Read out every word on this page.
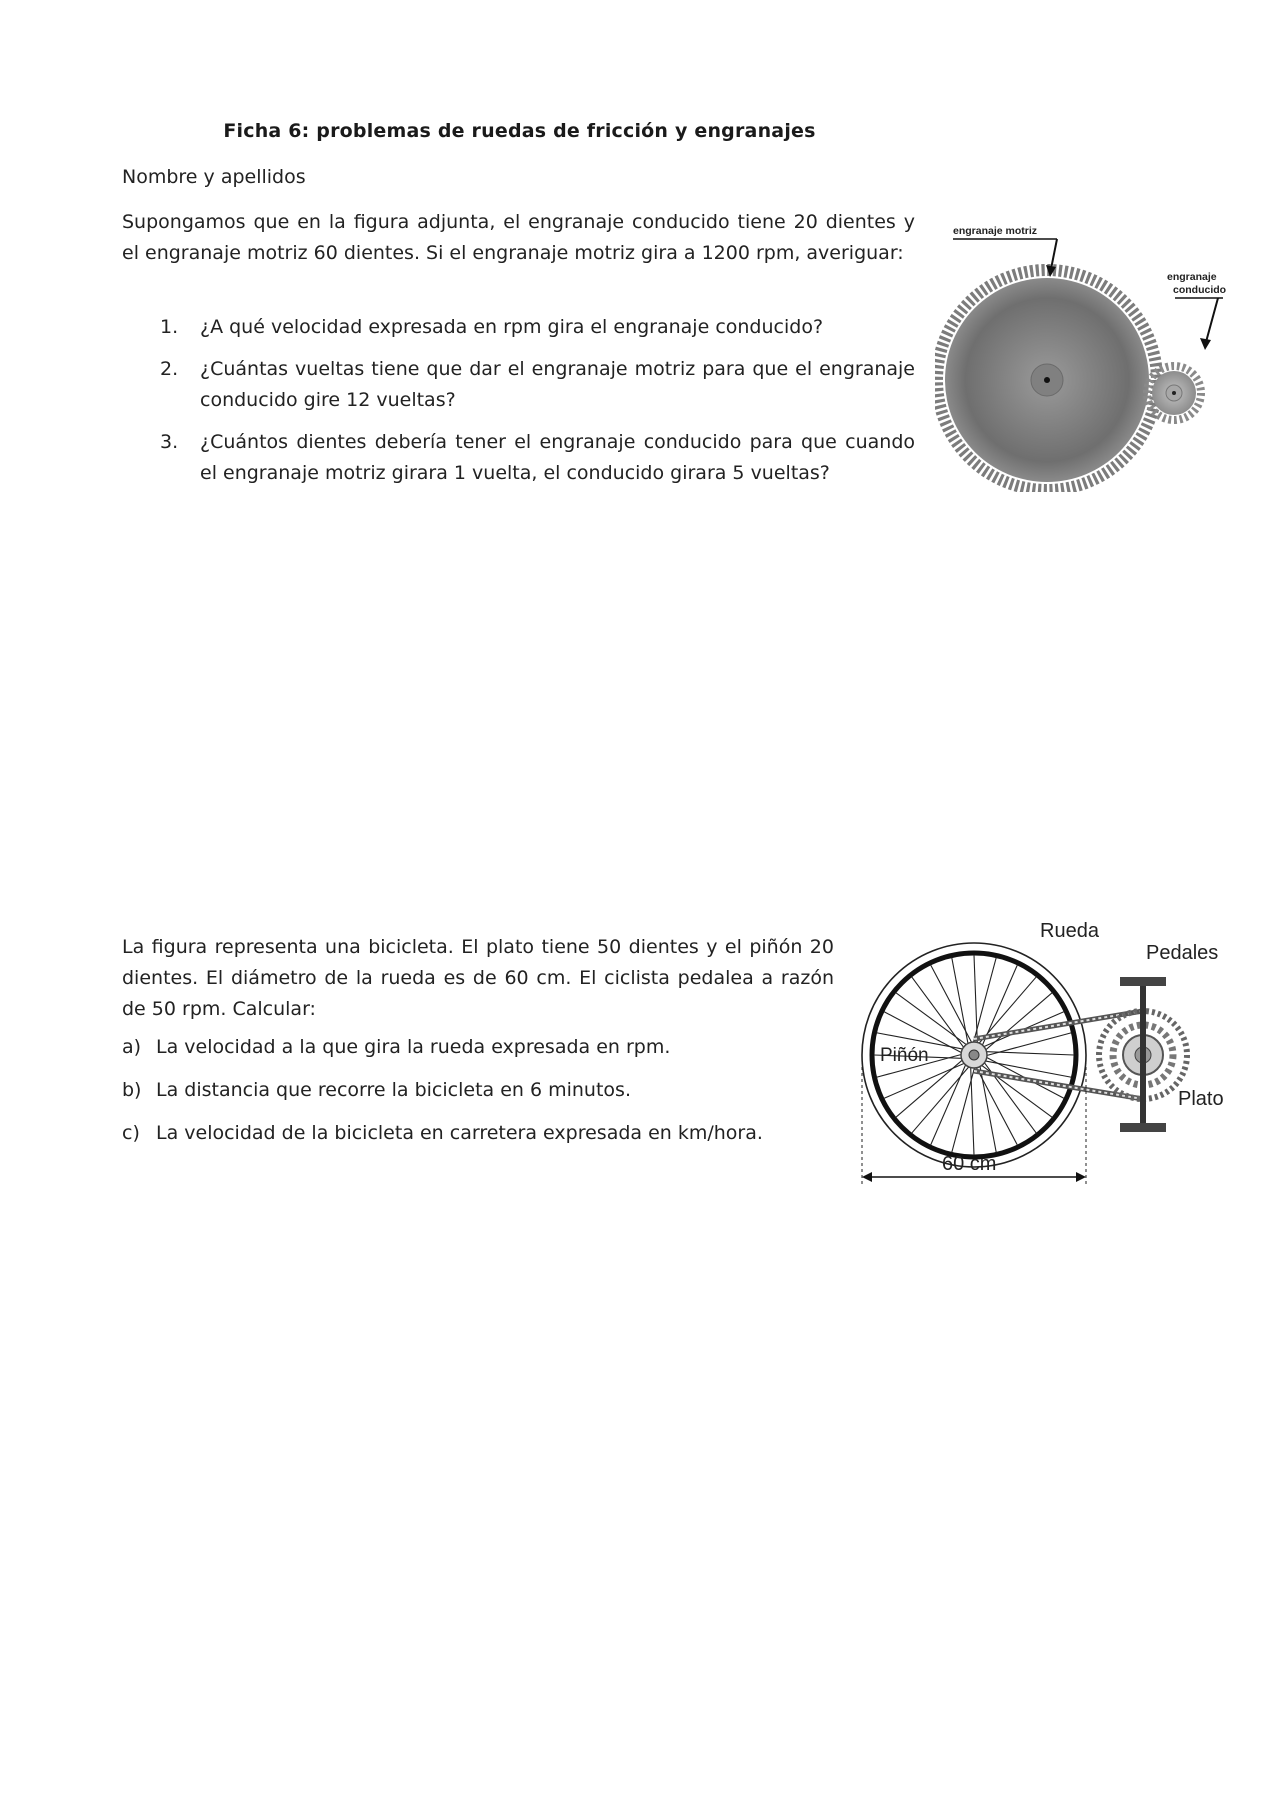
Ficha 6: problemas de ruedas de fricción y engranajes
Nombre y apellidos
Supongamos que en la figura adjunta, el engranaje conducido tiene 20 dientes y el engranaje motriz 60 dientes. Si el engranaje motriz gira a 1200 rpm, averiguar:
1.	¿A qué velocidad expresada en rpm gira el engranaje conducido?
2.	¿Cuántas vueltas tiene que dar el engranaje motriz para que el engranaje conducido gire 12 vueltas?
3.	¿Cuántos dientes debería tener el engranaje conducido para que cuando el engranaje motriz girara 1 vuelta, el conducido girara 5 vueltas?
engranaje motriz
engranaje
conducido
La figura representa una bicicleta. El plato tiene 50 dientes y el piñón 20 dientes. El diámetro de la rueda es de 60 cm. El ciclista pedalea a razón de 50 rpm. Calcular:
a) La velocidad a la que gira la rueda expresada en rpm.
b) La distancia que recorre la bicicleta en 6 minutos.
c) La velocidad de la bicicleta en carretera expresada en km/hora.
Rueda
Pedales
Piñón
Plato
60 cm
